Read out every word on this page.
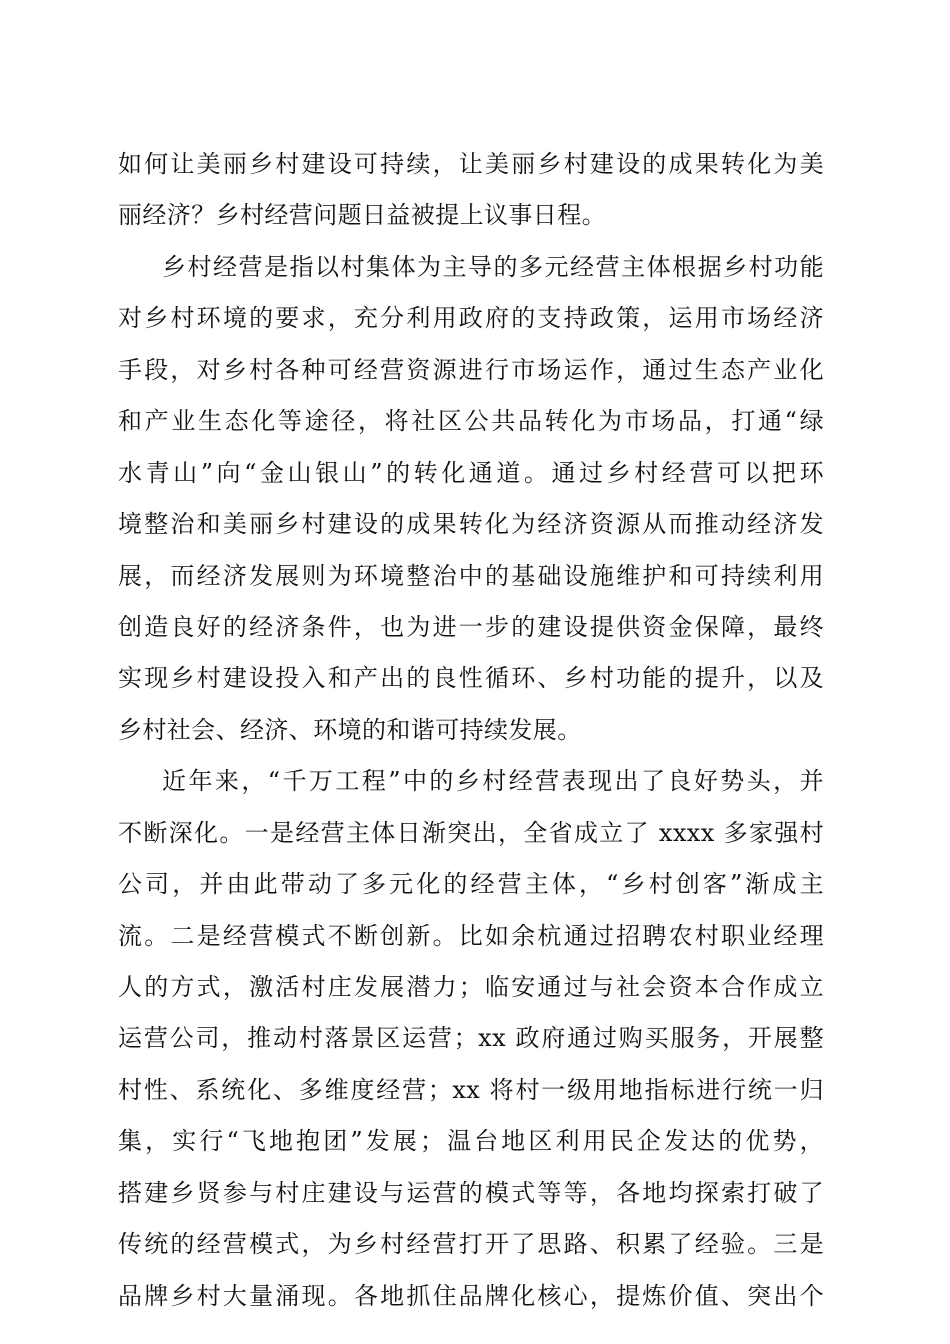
如何让美丽乡村建设可持续，让美丽乡村建设的成果转化为美
丽经济？乡村经营问题日益被提上议事日程。
乡村经营是指以村集体为主导的多元经营主体根据乡村功能
对乡村环境的要求，充分利用政府的支持政策，运用市场经济
手段，对乡村各种可经营资源进行市场运作，通过生态产业化
和产业生态化等途径，将社区公共品转化为市场品，打通“绿
水青山”向“金山银山”的转化通道。通过乡村经营可以把环
境整治和美丽乡村建设的成果转化为经济资源从而推动经济发
展，而经济发展则为环境整治中的基础设施维护和可持续利用
创造良好的经济条件，也为进一步的建设提供资金保障，最终
实现乡村建设投入和产出的良性循环、乡村功能的提升，以及
乡村社会、经济、环境的和谐可持续发展。
近年来，“千万工程”中的乡村经营表现出了良好势头，并
不断深化。一是经营主体日渐突出，全省成立了 xxxx 多家强村
公司，并由此带动了多元化的经营主体，“乡村创客”渐成主
流。二是经营模式不断创新。比如余杭通过招聘农村职业经理
人的方式，激活村庄发展潜力；临安通过与社会资本合作成立
运营公司，推动村落景区运营；xx 政府通过购买服务，开展整
村性、系统化、多维度经营；xx 将村一级用地指标进行统一归
集，实行“飞地抱团”发展；温台地区利用民企发达的优势，
搭建乡贤参与村庄建设与运营的模式等等，各地均探索打破了
传统的经营模式，为乡村经营打开了思路、积累了经验。三是
品牌乡村大量涌现。各地抓住品牌化核心，提炼价值、突出个
